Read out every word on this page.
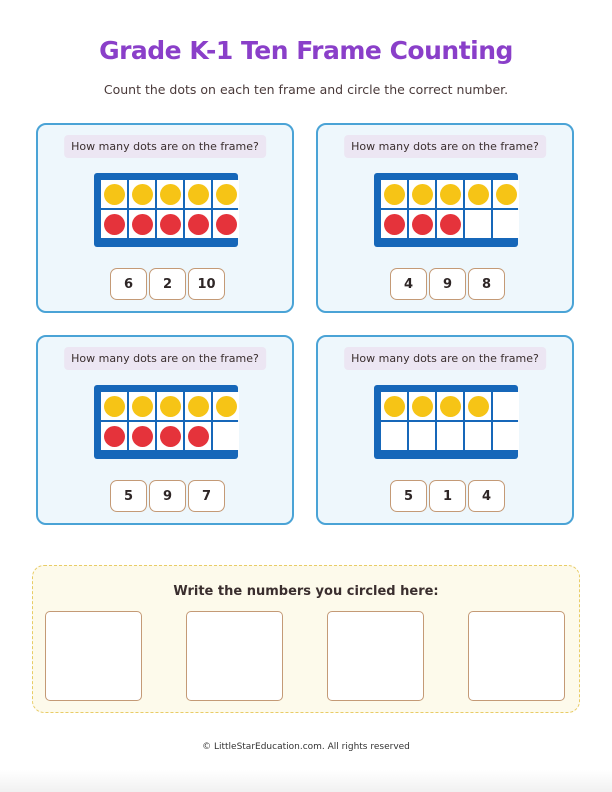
Grade K-1 Ten Frame Counting
Count the dots on each ten frame and circle the correct number.
How many dots are on the frame?
6	2	10
How many dots are on the frame?
4	9	8
How many dots are on the frame?
5	9	7
How many dots are on the frame?
5	1	4
Write the numbers you circled here:
© LittleStarEducation.com. All rights reserved
